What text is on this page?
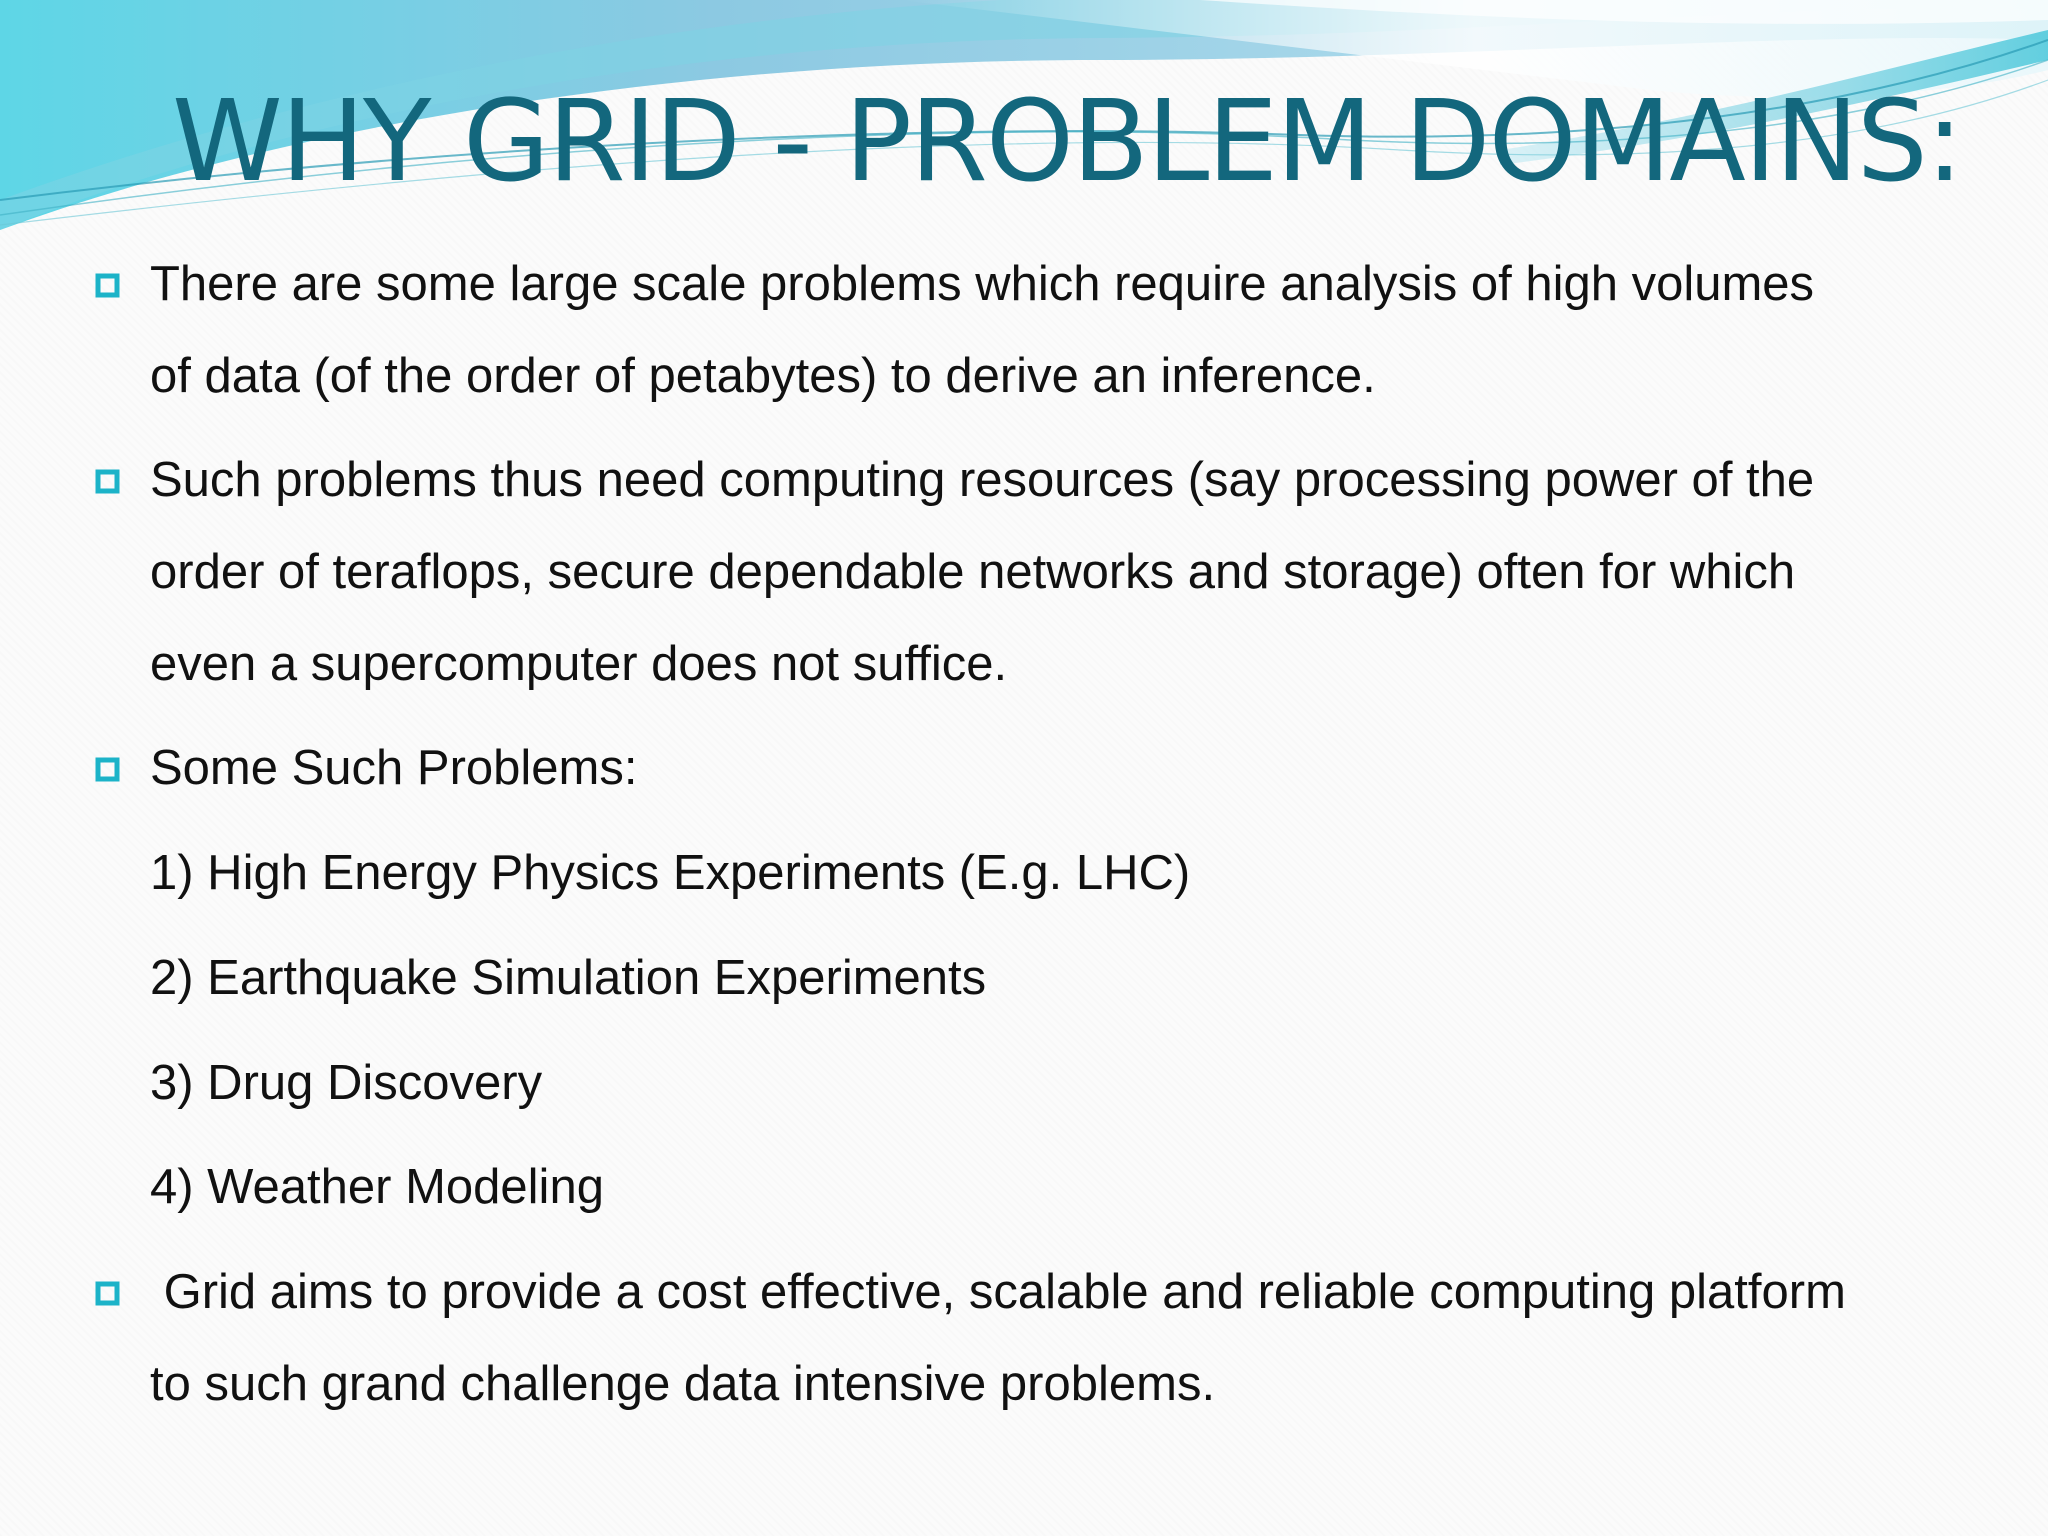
WHY GRID - PROBLEM DOMAINS:
There are some large scale problems which require analysis of high volumes
of data (of the order of petabytes) to derive an inference.
Such problems thus need computing resources (say processing power of the
order of teraflops, secure dependable networks and storage) often for which
even a supercomputer does not suffice.
Some Such Problems:
1) High Energy Physics Experiments (E.g. LHC)
2) Earthquake Simulation Experiments
3) Drug Discovery
4) Weather Modeling
Grid aims to provide a cost effective, scalable and reliable computing platform
to such grand challenge data intensive problems.
